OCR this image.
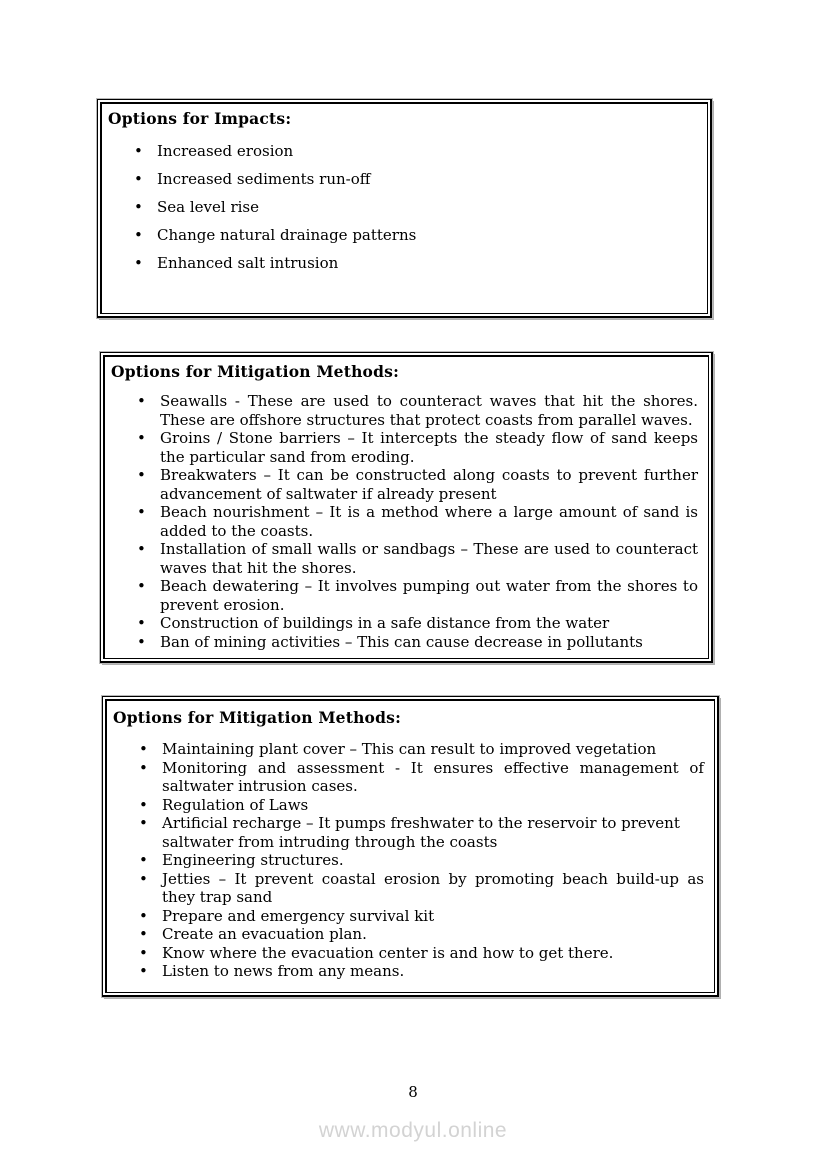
Options for Impacts:
• Increased erosion
• Increased sediments run-off
• Sea level rise
• Change natural drainage patterns
• Enhanced salt intrusion
Options for Mitigation Methods:
• Seawalls - These are used to counteract waves that hit the shores. These are offshore structures that protect coasts from parallel waves.
• Groins / Stone barriers – It intercepts the steady flow of sand keeps the particular sand from eroding.
• Breakwaters – It can be constructed along coasts to prevent further advancement of saltwater if already present
• Beach nourishment – It is a method where a large amount of sand is added to the coasts.
• Installation of small walls or sandbags – These are used to counteract waves that hit the shores.
• Beach dewatering – It involves pumping out water from the shores to prevent erosion.
• Construction of buildings in a safe distance from the water
• Ban of mining activities – This can cause decrease in pollutants
Options for Mitigation Methods:
• Maintaining plant cover – This can result to improved vegetation
• Monitoring and assessment - It ensures effective management of saltwater intrusion cases.
• Regulation of Laws
• Artificial recharge – It pumps freshwater to the reservoir to prevent saltwater from intruding through the coasts
• Engineering structures.
• Jetties – It prevent coastal erosion by promoting beach build-up as they trap sand
• Prepare and emergency survival kit
• Create an evacuation plan.
• Know where the evacuation center is and how to get there.
• Listen to news from any means.
8
www.modyul.online
